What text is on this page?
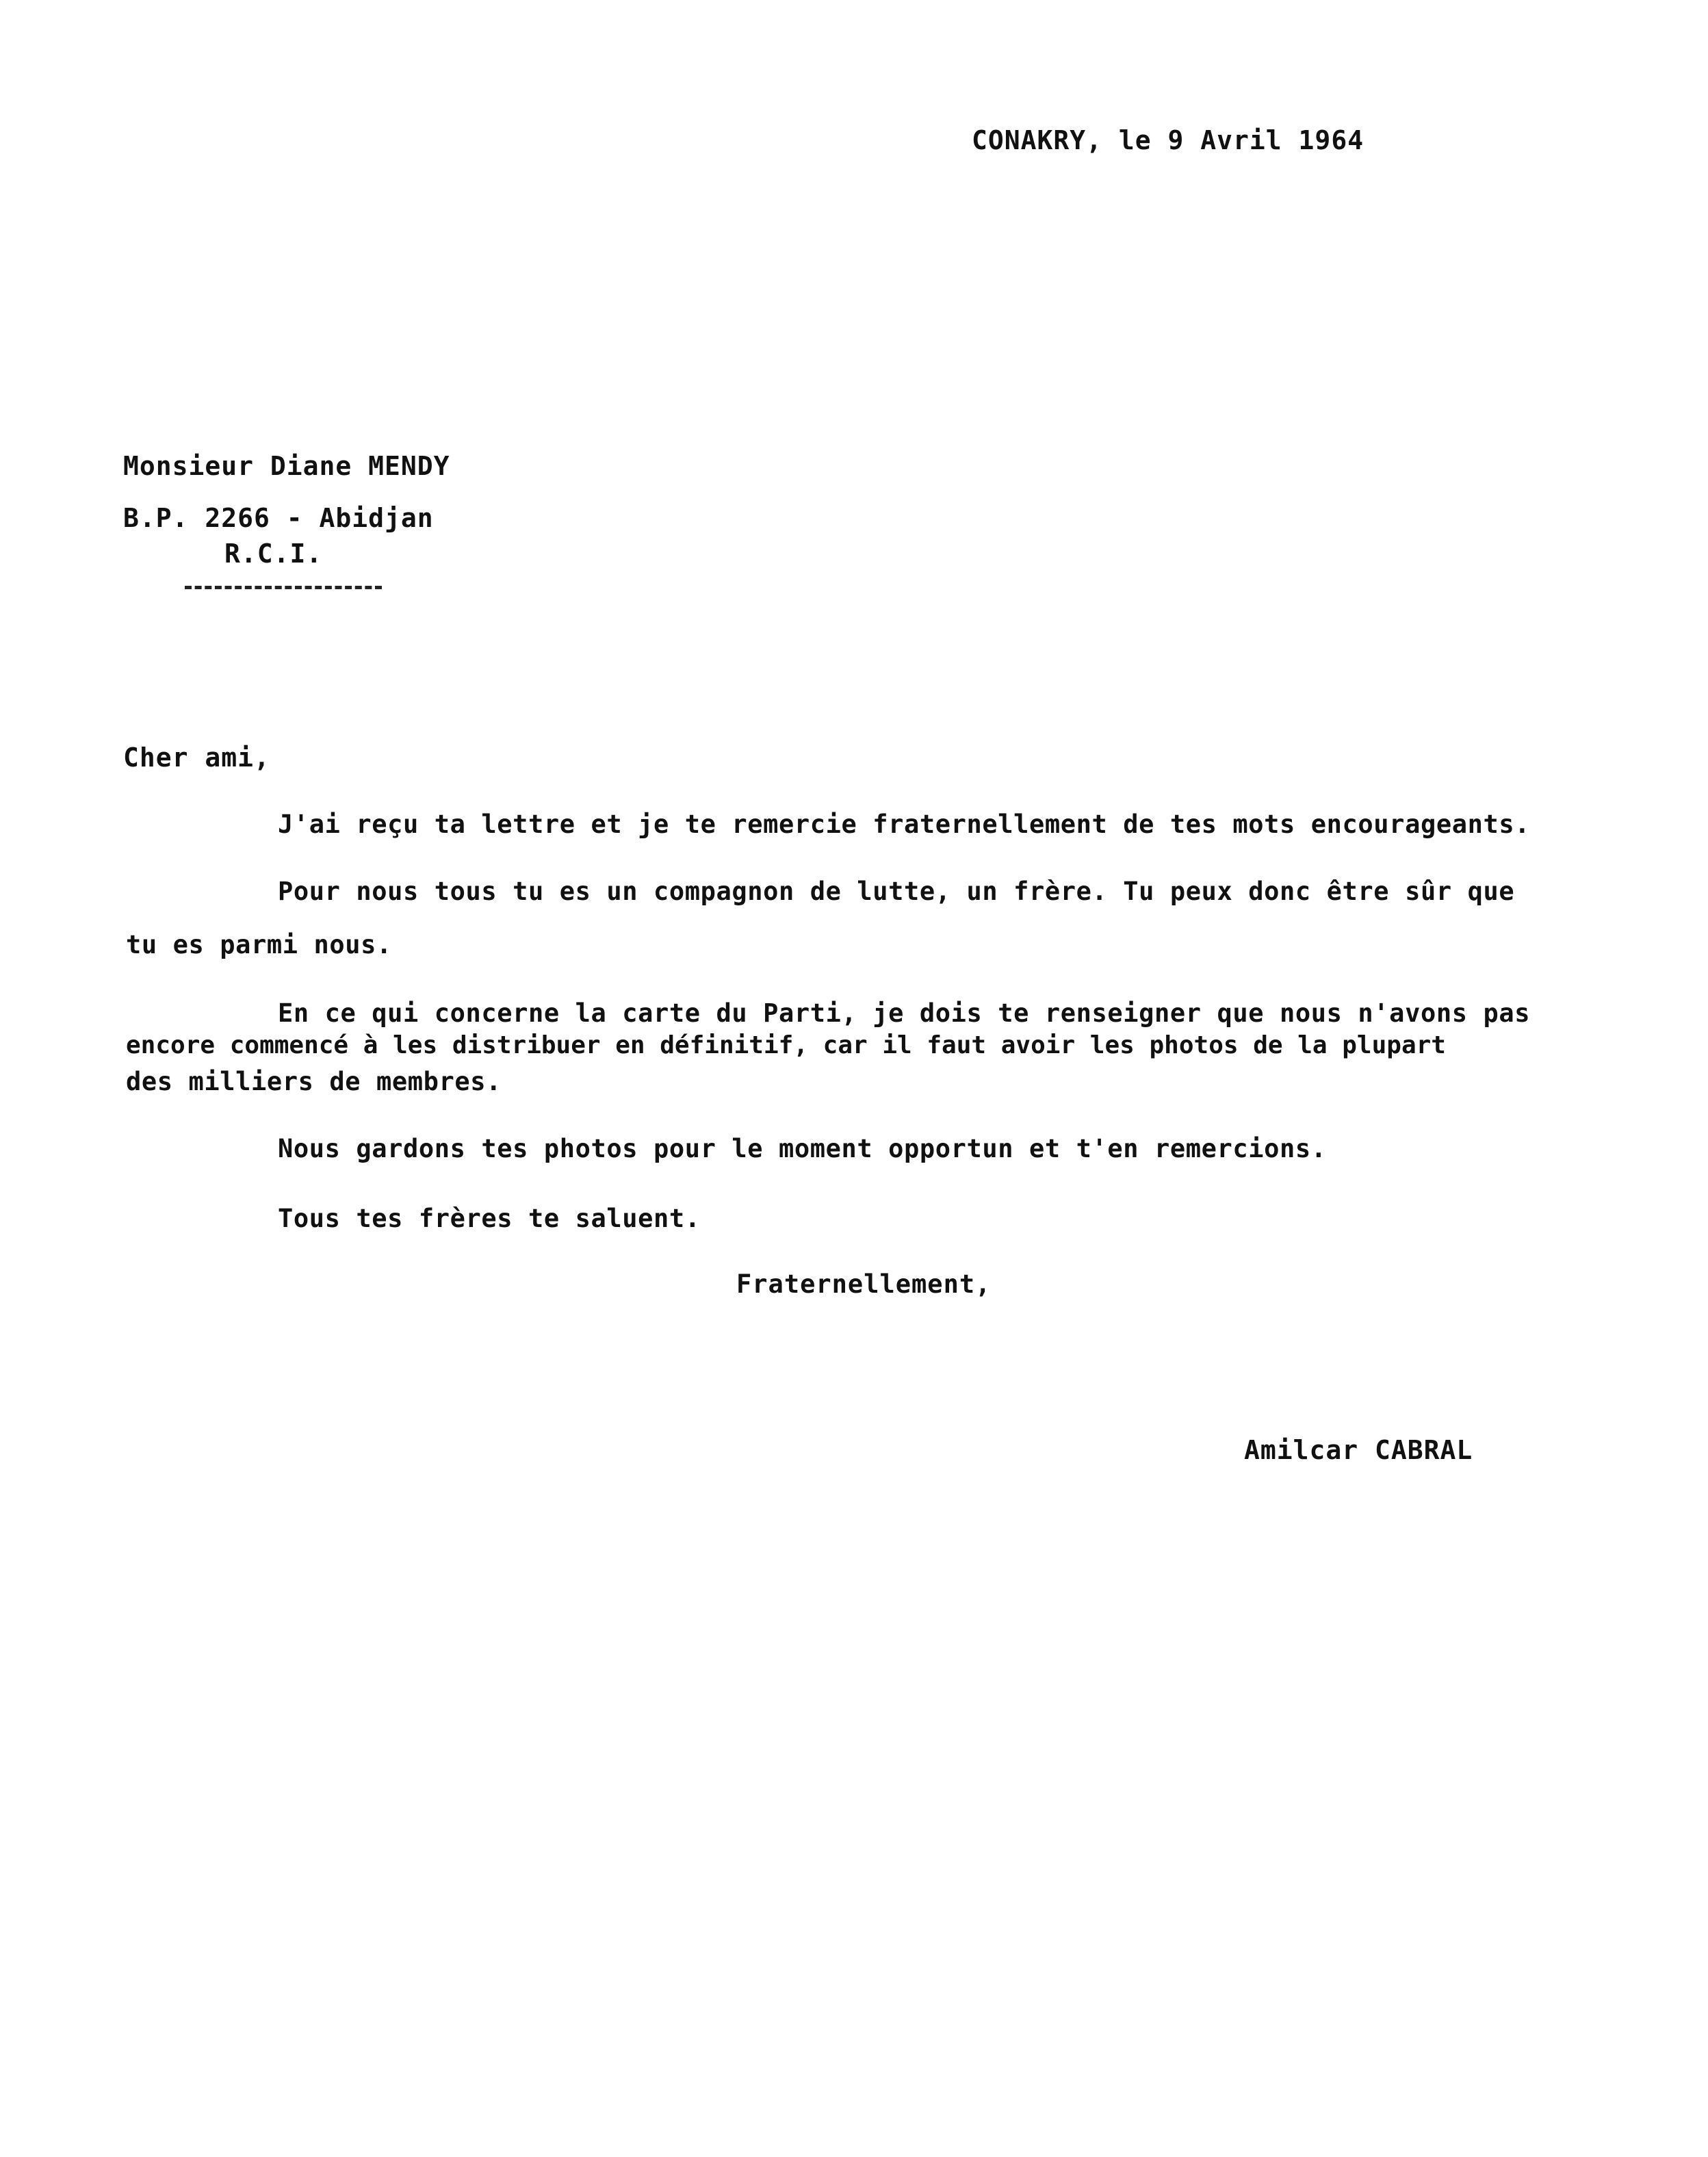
CONAKRY, le 9 Avril 1964
Monsieur Diane MENDY
B.P. 2266 - Abidjan
R.C.I.
Cher ami,
J'ai reçu ta lettre et je te remercie fraternellement de tes mots encourageants.
Pour nous tous tu es un compagnon de lutte, un frère. Tu peux donc être sûr que
tu es parmi nous.
En ce qui concerne la carte du Parti, je dois te renseigner que nous n'avons pas
encore commencé à les distribuer en définitif, car il faut avoir les photos de la plupart
des milliers de membres.
Nous gardons tes photos pour le moment opportun et t'en remercions.
Tous tes frères te saluent.
Fraternellement,
Amilcar CABRAL
